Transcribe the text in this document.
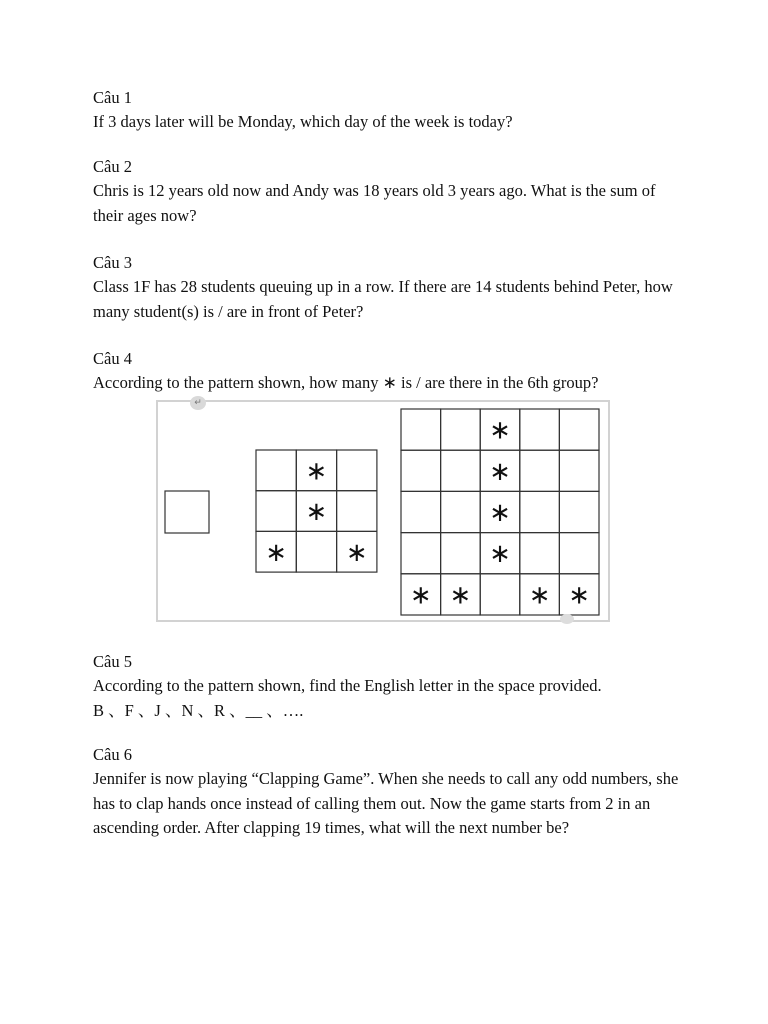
Câu 1
If 3 days later will be Monday, which day of the week is today?
Câu 2
Chris is 12 years old now and Andy was 18 years old 3 years ago. What is the sum of their ages now?
Câu 3
Class 1F has 28 students queuing up in a row. If there are 14 students behind Peter, how many student(s) is / are in front of Peter?
Câu 4
According to the pattern shown, how many ∗ is / are there in the 6th group?
∗
∗
∗ ∗
∗
∗
∗
∗
∗ ∗ ∗ ∗
↵
Câu 5
According to the pattern shown, find the English letter in the space provided.
B 、F 、J 、N 、R 、__ 、….
Câu 6
Jennifer is now playing “Clapping Game”. When she needs to call any odd numbers, she has to clap hands once instead of calling them out. Now the game starts from 2 in an ascending order. After clapping 19 times, what will the next number be?
